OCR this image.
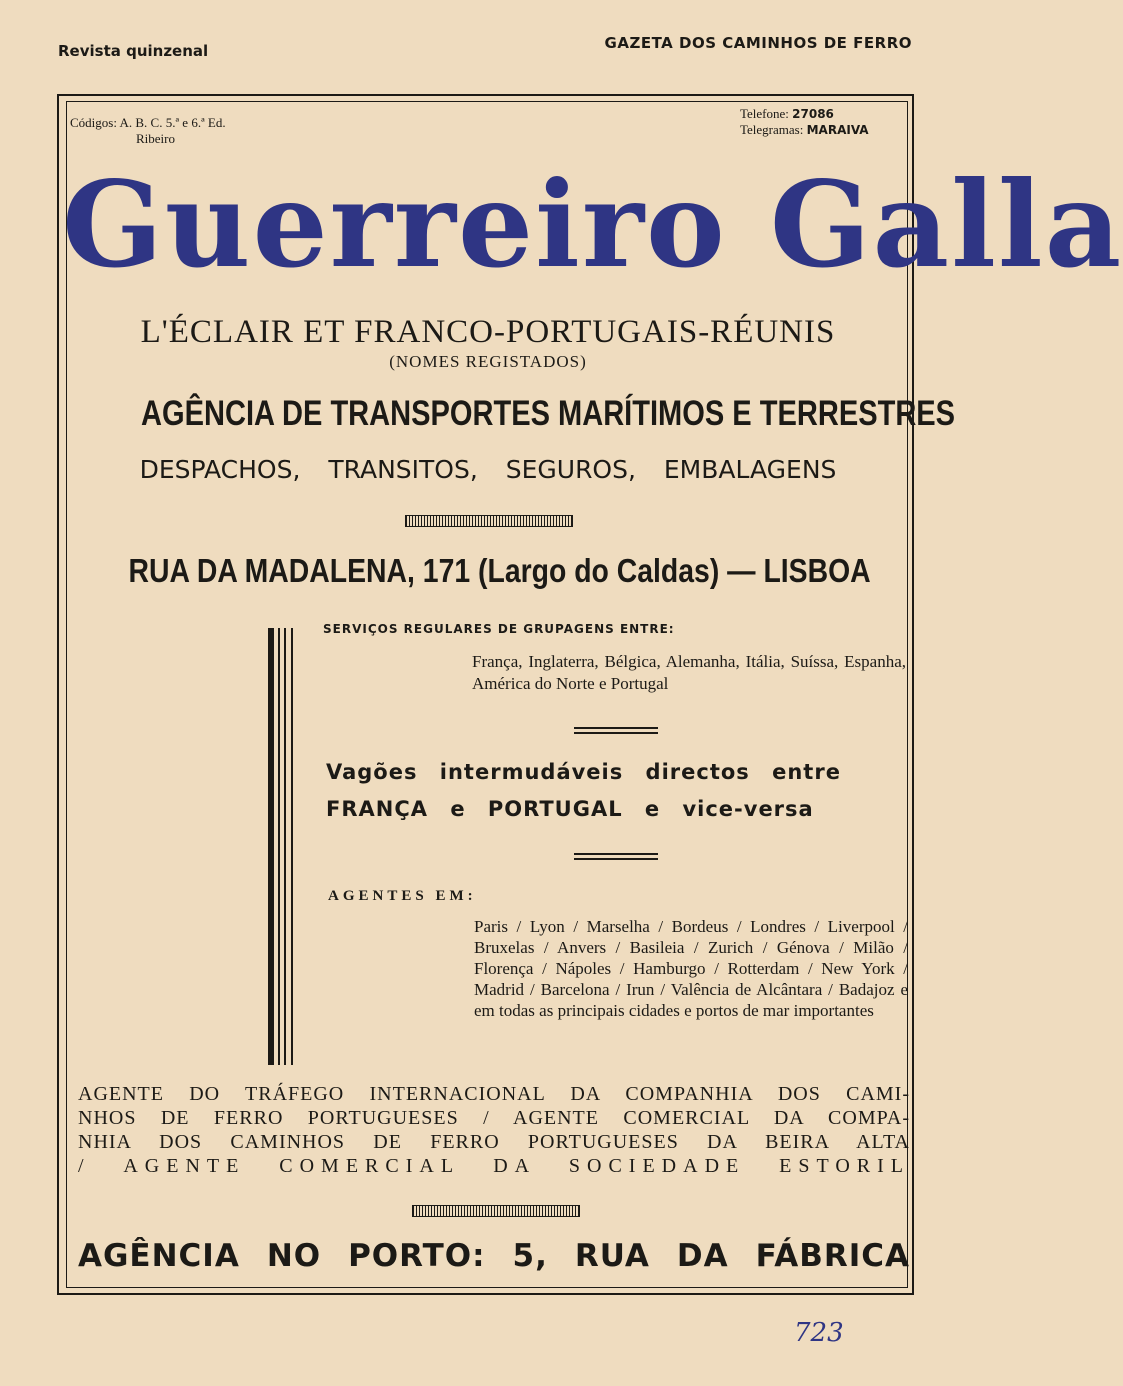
Revista quinzenal	GAZETA DOS CAMINHOS DE FERRO
Códigos: A. B. C. 5.ª e 6.ª Ed.
Ribeiro
Telefone: 27086
Telegramas: MARAIVA
Guerreiro Galla
L'ÉCLAIR ET FRANCO-PORTUGAIS-RÉUNIS
(NOMES REGISTADOS)
AGÊNCIA DE TRANSPORTES MARÍTIMOS E TERRESTRES
DESPACHOS, TRANSITOS, SEGUROS, EMBALAGENS
RUA DA MADALENA, 171 (Largo do Caldas) — LISBOA
SERVIÇOS REGULARES DE GRUPAGENS ENTRE:
França, Inglaterra, Bélgica, Alemanha, Itália, Suíssa, Espanha, América do Norte e Portugal
Vagões intermudáveis directos entre
FRANÇA e PORTUGAL e vice-versa
AGENTES EM:
Paris / Lyon / Marselha / Bordeus / Londres / Liverpool / Bruxelas / Anvers / Basileia / Zurich / Génova / Milão / Florença / Nápoles / Hamburgo / Rotterdam / New York / Madrid / Barcelona / Irun / Valência de Alcântara / Badajoz e em todas as principais cidades e portos de mar importantes
AGENTE DO TRÁFEGO INTERNACIONAL DA COMPANHIA DOS CAMI-
NHOS DE FERRO PORTUGUESES / AGENTE COMERCIAL DA COMPA-
NHIA DOS CAMINHOS DE FERRO PORTUGUESES DA BEIRA ALTA
/ AGENTE COMERCIAL DA SOCIEDADE ESTORIL
AGÊNCIA NO PORTO: 5, RUA DA FÁBRICA
723
